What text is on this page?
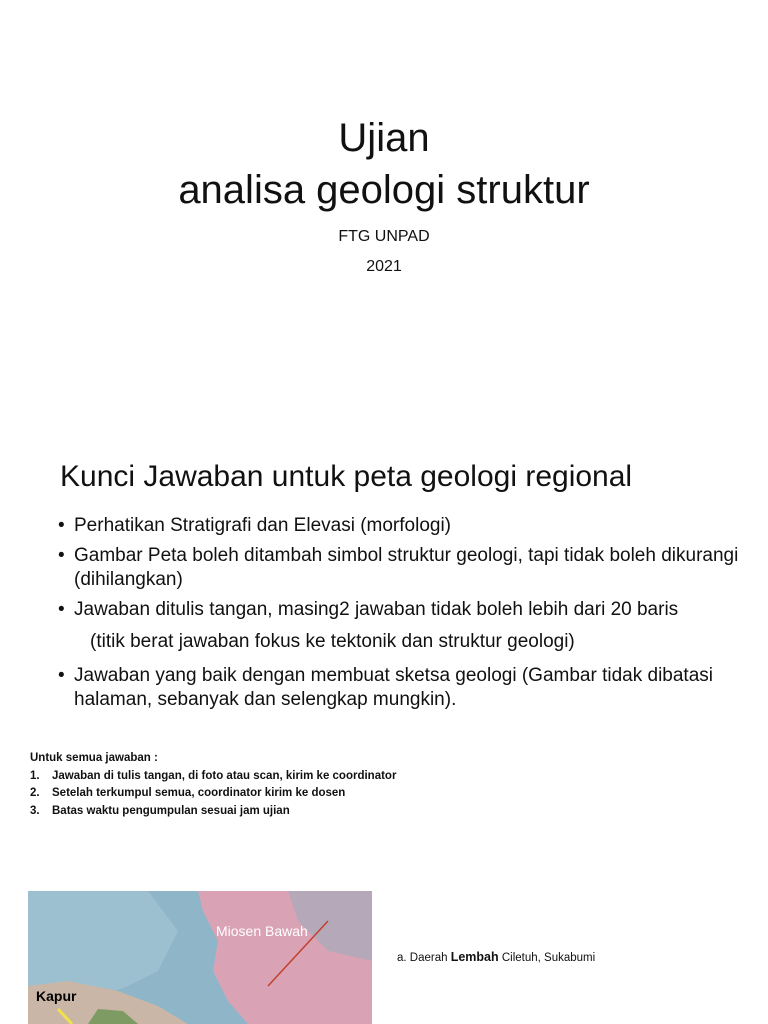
Ujian
analisa geologi struktur
FTG UNPAD
2021
Kunci Jawaban untuk peta geologi regional
• Perhatikan Stratigrafi dan Elevasi (morfologi)
• Gambar Peta boleh ditambah simbol struktur geologi, tapi tidak boleh dikurangi (dihilangkan)
• Jawaban ditulis tangan, masing2 jawaban tidak boleh lebih dari 20 baris
(titik berat jawaban fokus ke tektonik dan struktur geologi)
• Jawaban yang baik dengan membuat sketsa geologi (Gambar tidak dibatasi halaman, sebanyak dan selengkap mungkin).
Untuk semua jawaban :
1.	Jawaban di tulis tangan, di foto atau scan, kirim ke coordinator
2.	Setelah terkumpul semua, coordinator kirim ke dosen
3.	Batas waktu pengumpulan sesuai jam ujian
Miosen Bawah
Kapur
a. Daerah Lembah Ciletuh, Sukabumi
